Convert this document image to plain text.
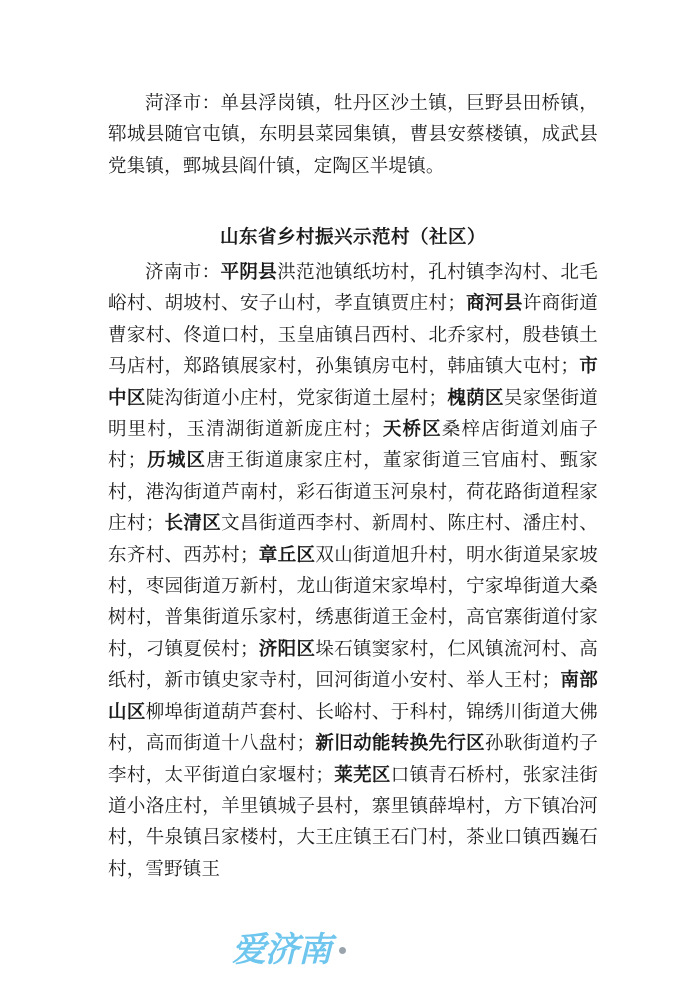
菏泽市：单县浮岗镇，牡丹区沙土镇，巨野县田桥镇，郓城县随官屯镇，东明县菜园集镇，曹县安蔡楼镇，成武县党集镇，鄄城县阎什镇，定陶区半堤镇。

山东省乡村振兴示范村（社区）

济南市：平阴县洪范池镇纸坊村，孔村镇李沟村、北毛峪村、胡坡村、安子山村，孝直镇贾庄村；商河县许商街道曹家村、佟道口村，玉皇庙镇吕西村、北乔家村，殷巷镇土马店村，郑路镇展家村，孙集镇房屯村，韩庙镇大屯村；市中区陡沟街道小庄村，党家街道土屋村；槐荫区吴家堡街道明里村，玉清湖街道新庞庄村；天桥区桑梓店街道刘庙子村；历城区唐王街道康家庄村，董家街道三官庙村、甄家村，港沟街道芦南村，彩石街道玉河泉村，荷花路街道程家庄村；长清区文昌街道西李村、新周村、陈庄村、潘庄村、东齐村、西苏村；章丘区双山街道旭升村，明水街道杲家坡村，枣园街道万新村，龙山街道宋家埠村，宁家埠街道大桑树村，普集街道乐家村，绣惠街道王金村，高官寨街道付家村，刁镇夏侯村；济阳区垛石镇窦家村，仁风镇流河村、高纸村，新市镇史家寺村，回河街道小安村、举人王村；南部山区柳埠街道葫芦套村、长峪村、于科村，锦绣川街道大佛村，高而街道十八盘村；新旧动能转换先行区孙耿街道杓子李村，太平街道白家堰村；莱芜区口镇青石桥村，张家洼街道小洛庄村，羊里镇城子县村，寨里镇薛埠村，方下镇冶河村，牛泉镇吕家楼村，大王庄镇王石门村，茶业口镇西巍石村，雪野镇王

爱济南
